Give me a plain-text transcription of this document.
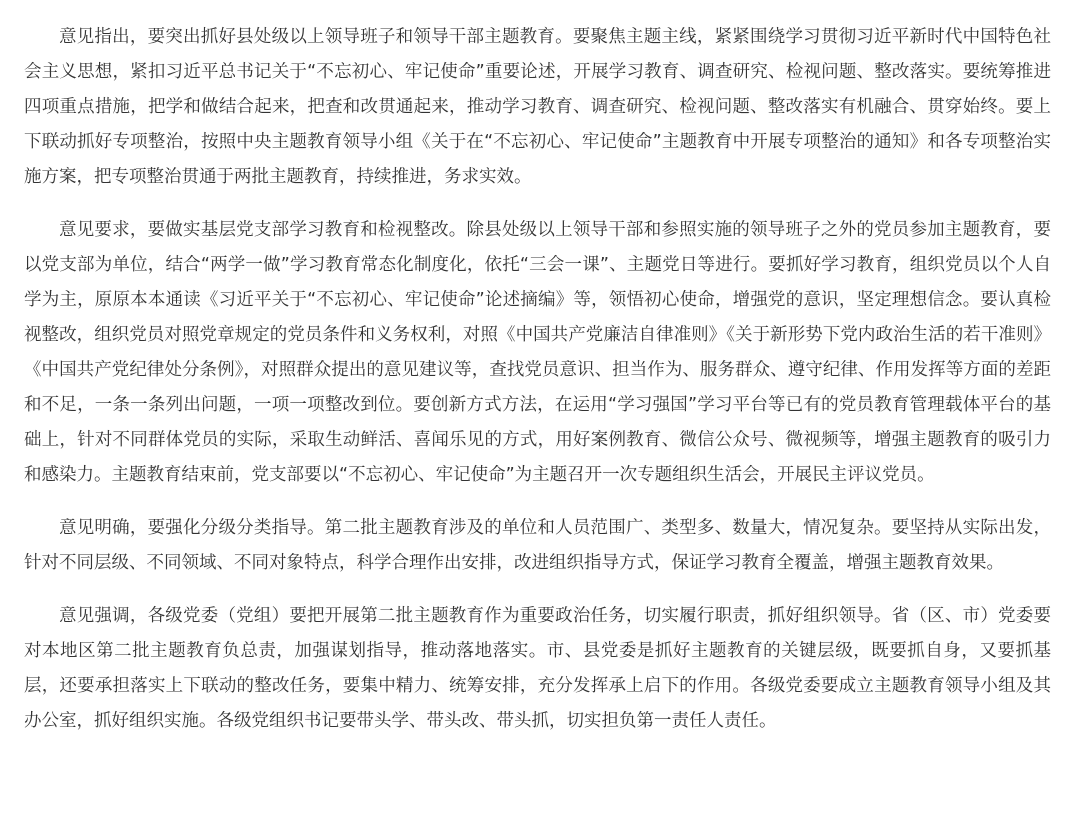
意见指出，要突出抓好县处级以上领导班子和领导干部主题教育。要聚焦主题主线，紧紧围绕学习贯彻习近平新时代中国特色社会主义思想，紧扣习近平总书记关于“不忘初心、牢记使命”重要论述，开展学习教育、调查研究、检视问题、整改落实。要统筹推进四项重点措施，把学和做结合起来，把查和改贯通起来，推动学习教育、调查研究、检视问题、整改落实有机融合、贯穿始终。要上下联动抓好专项整治，按照中央主题教育领导小组《关于在“不忘初心、牢记使命”主题教育中开展专项整治的通知》和各专项整治实施方案，把专项整治贯通于两批主题教育，持续推进，务求实效。

意见要求，要做实基层党支部学习教育和检视整改。除县处级以上领导干部和参照实施的领导班子之外的党员参加主题教育，要以党支部为单位，结合“两学一做”学习教育常态化制度化，依托“三会一课”、主题党日等进行。要抓好学习教育，组织党员以个人自学为主，原原本本通读《习近平关于“不忘初心、牢记使命”论述摘编》等，领悟初心使命，增强党的意识，坚定理想信念。要认真检视整改，组织党员对照党章规定的党员条件和义务权利，对照《中国共产党廉洁自律准则》《关于新形势下党内政治生活的若干准则》《中国共产党纪律处分条例》，对照群众提出的意见建议等，查找党员意识、担当作为、服务群众、遵守纪律、作用发挥等方面的差距和不足，一条一条列出问题，一项一项整改到位。要创新方式方法，在运用“学习强国”学习平台等已有的党员教育管理载体平台的基础上，针对不同群体党员的实际，采取生动鲜活、喜闻乐见的方式，用好案例教育、微信公众号、微视频等，增强主题教育的吸引力和感染力。主题教育结束前，党支部要以“不忘初心、牢记使命”为主题召开一次专题组织生活会，开展民主评议党员。

意见明确，要强化分级分类指导。第二批主题教育涉及的单位和人员范围广、类型多、数量大，情况复杂。要坚持从实际出发，针对不同层级、不同领域、不同对象特点，科学合理作出安排，改进组织指导方式，保证学习教育全覆盖，增强主题教育效果。

意见强调，各级党委（党组）要把开展第二批主题教育作为重要政治任务，切实履行职责，抓好组织领导。省（区、市）党委要对本地区第二批主题教育负总责，加强谋划指导，推动落地落实。市、县党委是抓好主题教育的关键层级，既要抓自身，又要抓基层，还要承担落实上下联动的整改任务，要集中精力、统筹安排，充分发挥承上启下的作用。各级党委要成立主题教育领导小组及其办公室，抓好组织实施。各级党组织书记要带头学、带头改、带头抓，切实担负第一责任人责任。
